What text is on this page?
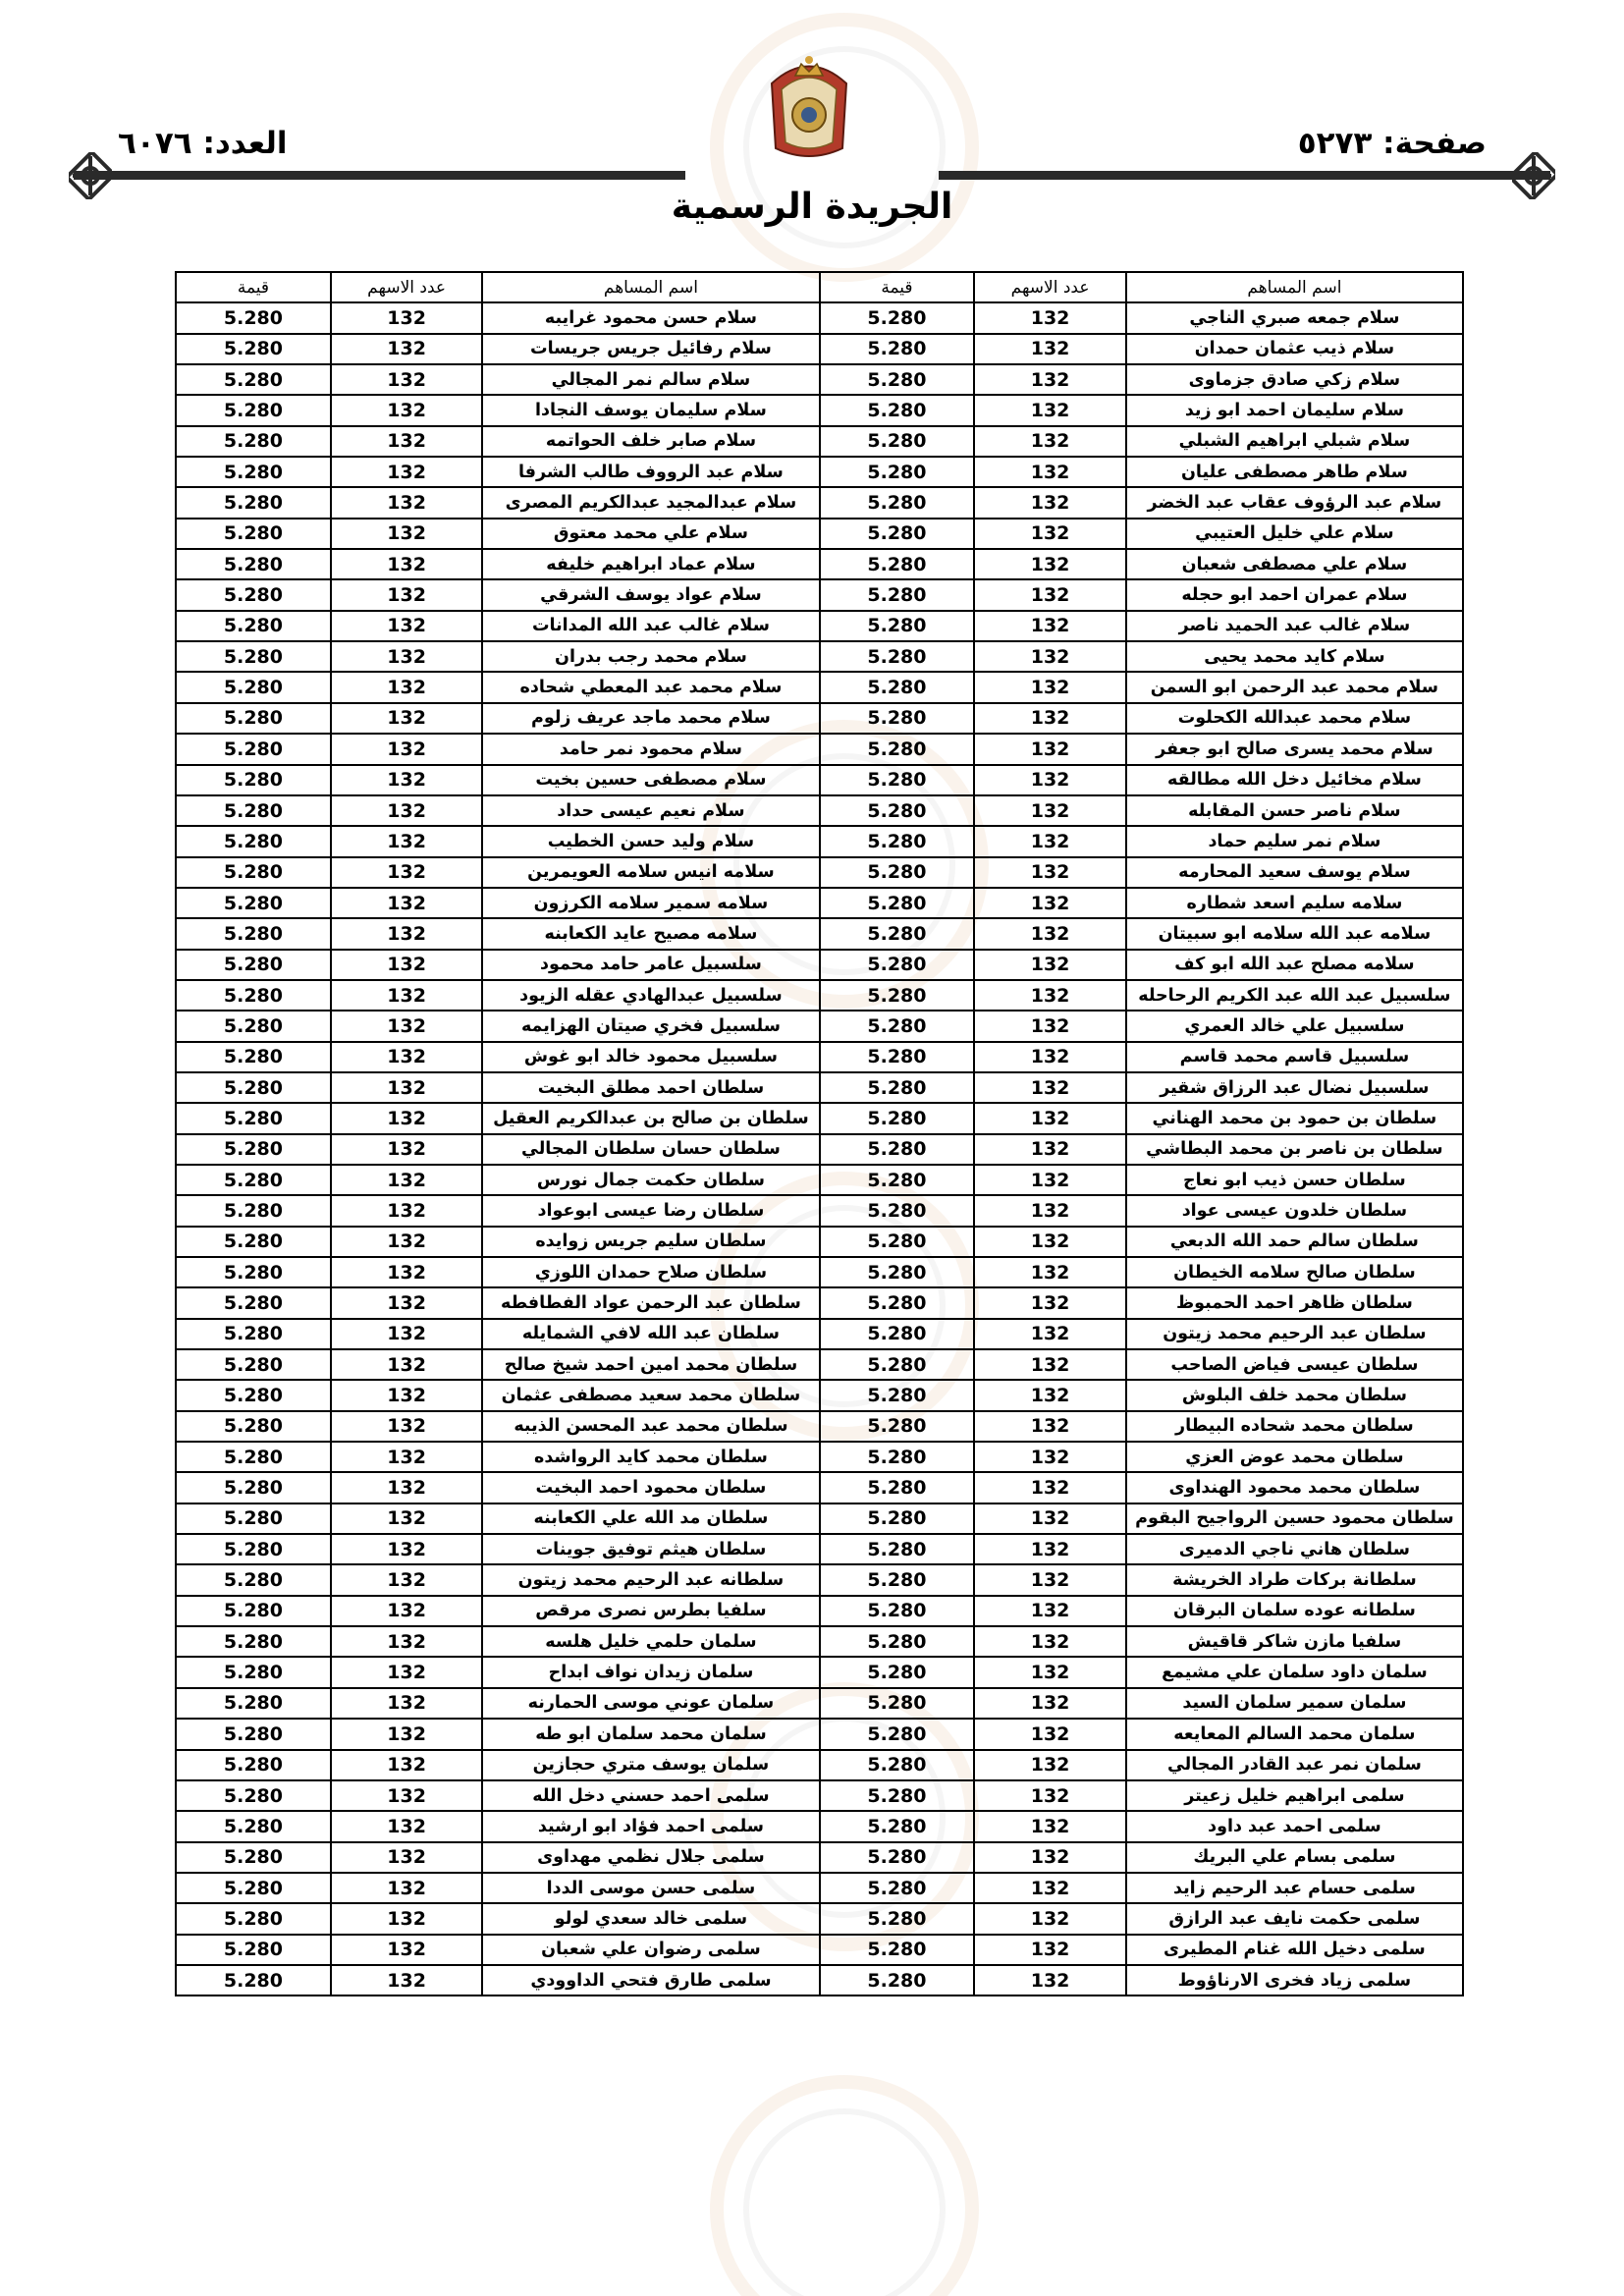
صفحة: ٥٢٧٣
العدد: ٦٠٧٦
الجريدة الرسمية
اسم المساهم	عدد الاسهم	قيمة	اسم المساهم	عدد الاسهم	قيمة
سلام جمعه صبري الناجي	132	5.280	سلام حسن محمود غرايبه	132	5.280
سلام ذيب عثمان حمدان	132	5.280	سلام رفائيل جريس جريسات	132	5.280
سلام زكي صادق جزماوى	132	5.280	سلام سالم نمر المجالي	132	5.280
سلام سليمان احمد ابو زيد	132	5.280	سلام سليمان يوسف النجادا	132	5.280
سلام شبلي ابراهيم الشبلي	132	5.280	سلام صابر خلف الحواتمه	132	5.280
سلام طاهر مصطفى عليان	132	5.280	سلام عبد الرووف طالب الشرفا	132	5.280
سلام عبد الرؤوف عقاب عبد الخضر	132	5.280	سلام عبدالمجيد عبدالكريم المصرى	132	5.280
سلام علي خليل العتيبي	132	5.280	سلام علي محمد معتوق	132	5.280
سلام علي مصطفى شعبان	132	5.280	سلام عماد ابراهيم خليفه	132	5.280
سلام عمران احمد ابو حجله	132	5.280	سلام عواد يوسف الشرقي	132	5.280
سلام غالب عبد الحميد ناصر	132	5.280	سلام غالب عبد الله المدانات	132	5.280
سلام كايد محمد يحيى	132	5.280	سلام محمد رجب بدران	132	5.280
سلام محمد عبد الرحمن ابو السمن	132	5.280	سلام محمد عبد المعطي شحاده	132	5.280
سلام محمد عبدالله الكحلوت	132	5.280	سلام محمد ماجد عريف زلوم	132	5.280
سلام محمد يسرى صالح ابو جعفر	132	5.280	سلام محمود نمر حامد	132	5.280
سلام مخائيل دخل الله مطالقه	132	5.280	سلام مصطفى حسين بخيت	132	5.280
سلام ناصر حسن المقابله	132	5.280	سلام نعيم عيسى حداد	132	5.280
سلام نمر سليم حماد	132	5.280	سلام وليد حسن الخطيب	132	5.280
سلام يوسف سعيد المحارمه	132	5.280	سلامه انيس سلامه العويمرين	132	5.280
سلامه سليم اسعد شطاره	132	5.280	سلامه سمير سلامه الكرزون	132	5.280
سلامه عبد الله سلامه ابو سبيتان	132	5.280	سلامه مصيح عايد الكعابنه	132	5.280
سلامه مصلح عبد الله ابو كف	132	5.280	سلسبيل عامر حامد محمود	132	5.280
سلسبيل عبد الله عبد الكريم الرحاحله	132	5.280	سلسبيل عبدالهادي عقله الزيود	132	5.280
سلسبيل علي خالد العمري	132	5.280	سلسبيل فخري صيتان الهزايمه	132	5.280
سلسبيل قاسم محمد قاسم	132	5.280	سلسبيل محمود خالد ابو غوش	132	5.280
سلسبيل نضال عبد الرزاق شقير	132	5.280	سلطان احمد مطلق البخيت	132	5.280
سلطان بن حمود بن محمد الهناني	132	5.280	سلطان بن صالح بن عبدالكريم العقيل	132	5.280
سلطان بن ناصر بن محمد البطاشي	132	5.280	سلطان حسان سلطان المجالي	132	5.280
سلطان حسن ذيب ابو نعاج	132	5.280	سلطان حكمت جمال نورس	132	5.280
سلطان خلدون عيسى عواد	132	5.280	سلطان رضا عيسى ابوعواد	132	5.280
سلطان سالم حمد الله الدبعي	132	5.280	سلطان سليم جريس زوايده	132	5.280
سلطان صالح سلامه الخيطان	132	5.280	سلطان صلاح حمدان اللوزي	132	5.280
سلطان ظاهر احمد الحمبوظ	132	5.280	سلطان عبد الرحمن عواد الفطافطه	132	5.280
سلطان عبد الرحيم محمد زيتون	132	5.280	سلطان عبد الله لافي الشمايله	132	5.280
سلطان عيسى فياض الصاحب	132	5.280	سلطان محمد امين احمد شيخ صالح	132	5.280
سلطان محمد خلف البلوش	132	5.280	سلطان محمد سعيد مصطفى عثمان	132	5.280
سلطان محمد شحاده البيطار	132	5.280	سلطان محمد عبد المحسن الذيبه	132	5.280
سلطان محمد عوض العزي	132	5.280	سلطان محمد كايد الرواشده	132	5.280
سلطان محمد محمود الهنداوى	132	5.280	سلطان محمود احمد البخيت	132	5.280
سلطان محمود حسين الرواجيح البقوم	132	5.280	سلطان مد الله علي الكعابنه	132	5.280
سلطان هاني ناجي الدميرى	132	5.280	سلطان هيثم توفيق جوينات	132	5.280
سلطانة بركات طراد الخريشة	132	5.280	سلطانه عبد الرحيم محمد زيتون	132	5.280
سلطانه عوده سلمان البرقان	132	5.280	سلفيا بطرس نصرى مرقص	132	5.280
سلفيا مازن شاكر قاقيش	132	5.280	سلمان حلمي خليل هلسه	132	5.280
سلمان داود سلمان علي مشيمع	132	5.280	سلمان زيدان نواف ابداح	132	5.280
سلمان سمير سلمان السيد	132	5.280	سلمان عوني موسى الحمارنه	132	5.280
سلمان محمد السالم المعايعه	132	5.280	سلمان محمد سلمان ابو طه	132	5.280
سلمان نمر عبد القادر المجالي	132	5.280	سلمان يوسف متري حجازين	132	5.280
سلمى ابراهيم خليل زعيتر	132	5.280	سلمى احمد حسني دخل الله	132	5.280
سلمى احمد عبد داود	132	5.280	سلمى احمد فؤاد ابو ارشيد	132	5.280
سلمى بسام علي البريك	132	5.280	سلمى جلال نظمي مهداوى	132	5.280
سلمى حسام عبد الرحيم زايد	132	5.280	سلمى حسن موسى الددا	132	5.280
سلمى حكمت نايف عبد الرازق	132	5.280	سلمى خالد سعدي لولو	132	5.280
سلمى دخيل الله غنام المطيرى	132	5.280	سلمى رضوان علي شعبان	132	5.280
سلمى زياد فخرى الارناؤوط	132	5.280	سلمى طارق فتحي الداوودي	132	5.280
